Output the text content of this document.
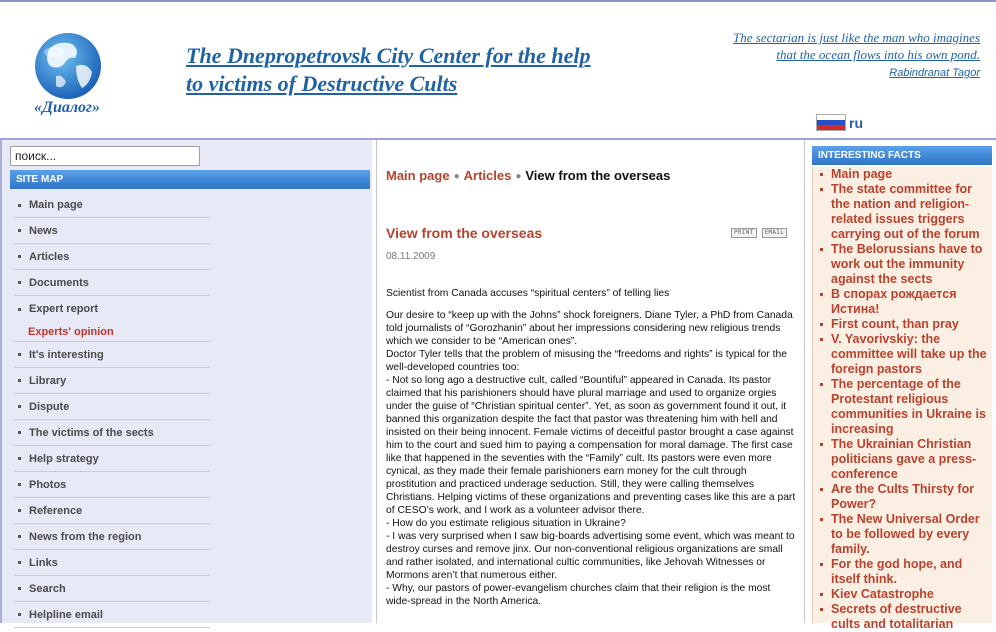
«Диалог»
The Dnepropetrovsk City Center for the help
to victims of Destructive Cults
The sectarian is just like the man who imagines
that the ocean flows into his own pond.
Rabindranat Tagor
ru
поиск...
SITE MAP
Main page
News
Articles
Documents
Expert report
Experts' opinion
It's interesting
Library
Dispute
The victims of the sects
Help strategy
Photos
Reference
News from the region
Links
Search
Helpline email
Main page ● Articles ● View from the overseas
View from the overseas	PRINT	EMAIL
08.11.2009

Scientist from Canada accuses “spiritual centers” of telling lies

Our desire to “keep up with the Johns” shock foreigners. Diane Tyler, a PhD from Canada told journalists of “Gorozhanin” about her impressions considering new religious trends which we consider to be “American ones”.

Doctor Tyler tells that the problem of misusing the “freedoms and rights” is typical for the well-developed countries too:

- Not so long ago a destructive cult, called “Bountiful” appeared in Canada. Its pastor claimed that his parishioners should have plural marriage and used to organize orgies under the guise of “Christian spiritual center”. Yet, as soon as government found it out, it banned this organization despite the fact that pastor was threatening him with hell and insisted on their being innocent. Female victims of deceitful pastor brought a case against him to the court and sued him to paying a compensation for moral damage. The first case like that happened in the seventies with the “Family” cult. Its pastors were even more cynical, as they made their female parishioners earn money for the cult through prostitution and practiced underage seduction. Still, they were calling themselves Christians. Helping victims of these organizations and preventing cases like this are a part of CESO’s work, and I work as a volunteer advisor there.

- How do you estimate religious situation in Ukraine?

- I was very surprised when I saw big-boards advertising some event, which was meant to destroy curses and remove jinx. Our non-conventional religious organizations are small and rather isolated, and international cultic communities, like Jehovah Witnesses or Mormons aren’t that numerous either.

- Why, our pastors of power-evangelism churches claim that their religion is the most wide-spread in the North America.

INTERESTING FACTS
Main page
The state committee for the nation and religion-related issues triggers carrying out of the forum
The Belorussians have to work out the immunity against the sects
В спорах рождается Истина!
First count, than pray
V. Yavorivskiy: the committee will take up the foreign pastors
The percentage of the Protestant religious communities in Ukraine is increasing
The Ukrainian Christian politicians gave a press-conference
Are the Cults Thirsty for Power?
The New Universal Order to be followed by every family.
For the god hope, and itself think.
Kiev Catastrophe
Secrets of destructive cults and totalitarian
